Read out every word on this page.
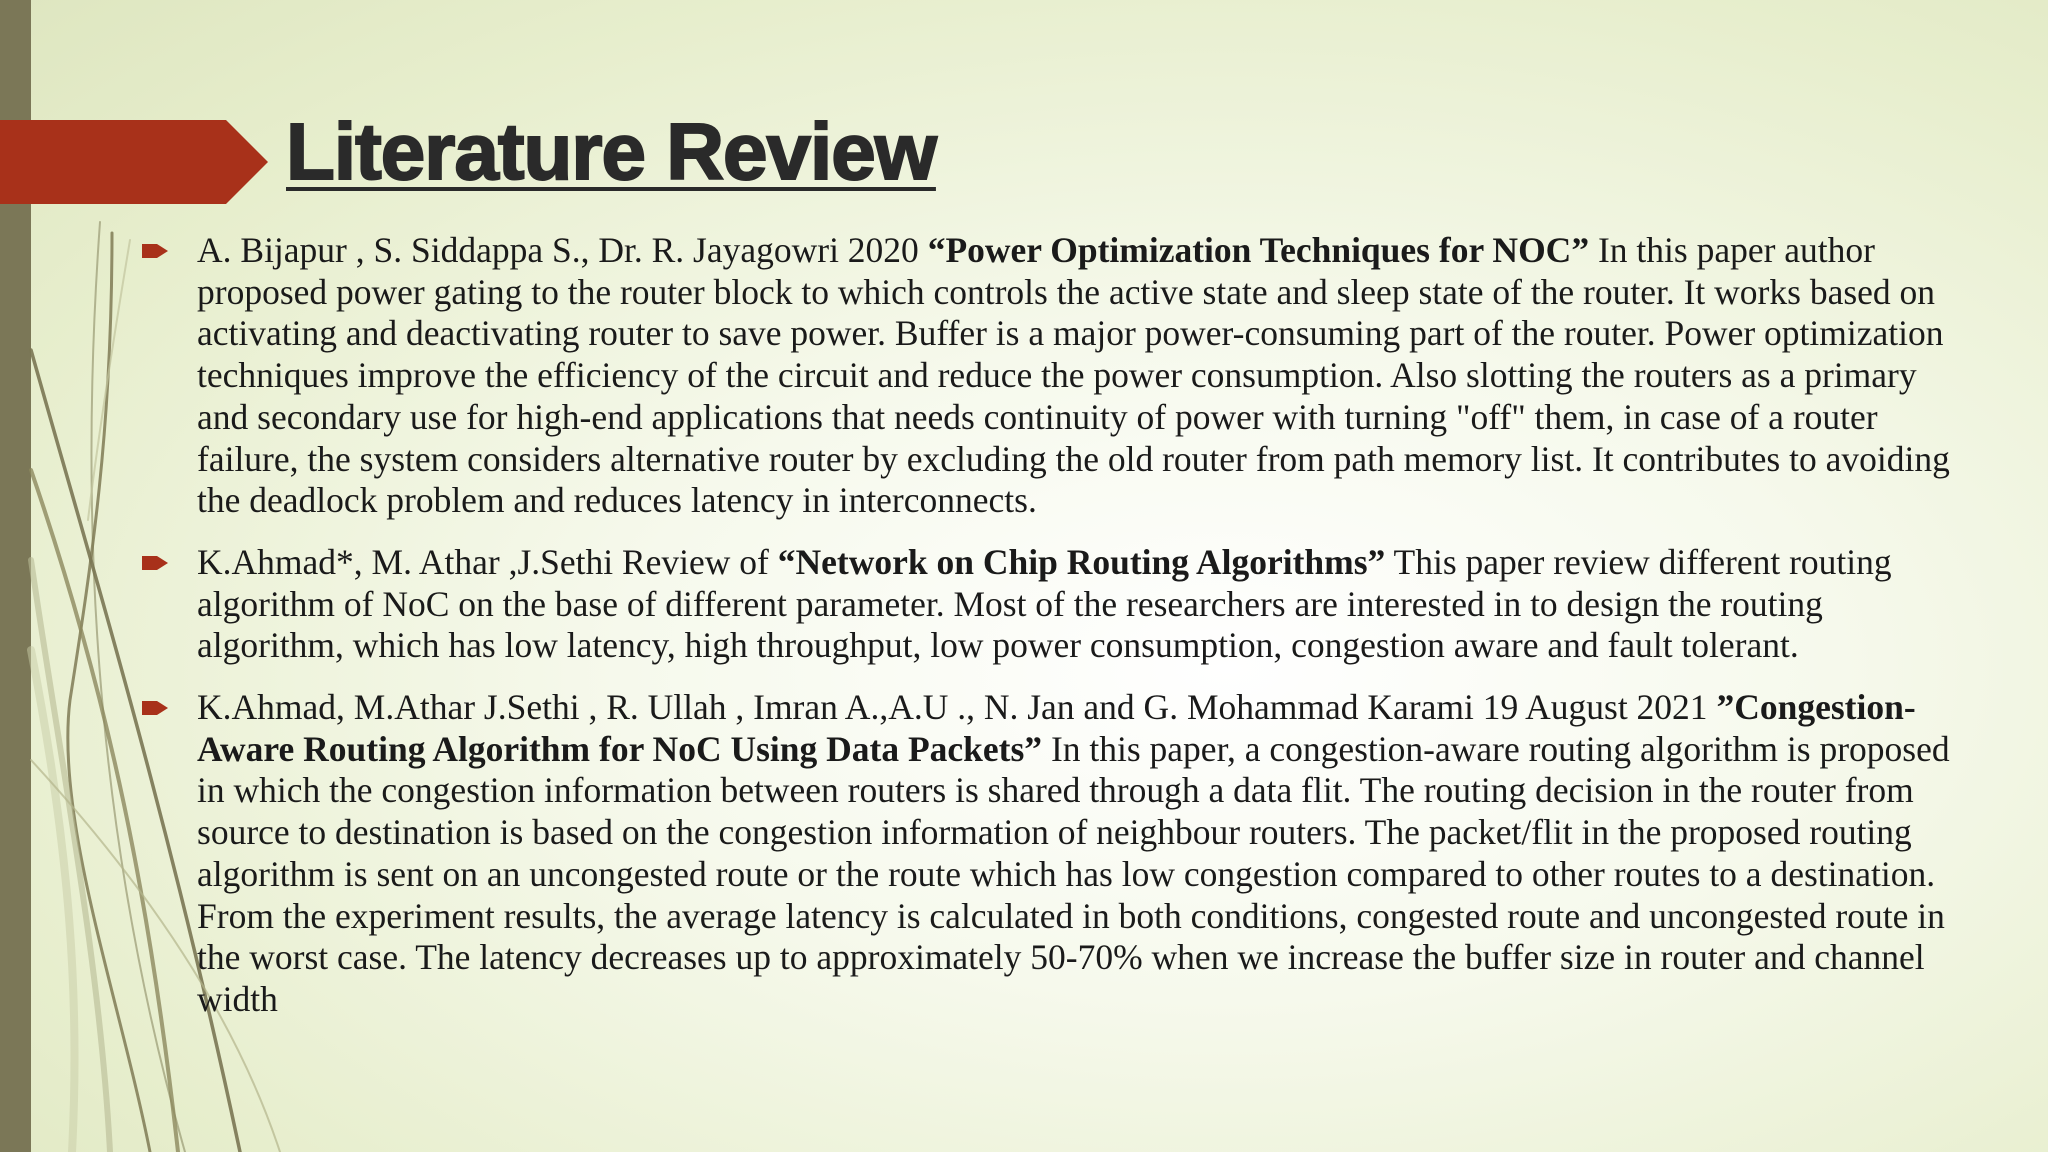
Literature Review
A. Bijapur , S. Siddappa S., Dr. R. Jayagowri 2020 “Power Optimization Techniques for NOC” In this paper author proposed power gating to the router block to which controls the active state and sleep state of the router. It works based on activating and deactivating router to save power. Buffer is a major power-consuming part of the router. Power optimization techniques improve the efficiency of the circuit and reduce the power consumption. Also slotting the routers as a primary and secondary use for high-end applications that needs continuity of power with turning "off" them, in case of a router failure, the system considers alternative router by excluding the old router from path memory list. It contributes to avoiding the deadlock problem and reduces latency in interconnects.
K.Ahmad*, M. Athar ,J.Sethi Review of “Network on Chip Routing Algorithms” This paper review different routing algorithm of NoC on the base of different parameter. Most of the researchers are interested in to design the routing algorithm, which has low latency, high throughput, low power consumption, congestion aware and fault tolerant.
K.Ahmad, M.Athar J.Sethi , R. Ullah , Imran A.,A.U ., N. Jan and G. Mohammad Karami 19 August 2021 ”Congestion-Aware Routing Algorithm for NoC Using Data Packets” In this paper, a congestion-aware routing algorithm is proposed in which the congestion information between routers is shared through a data flit. The routing decision in the router from source to destination is based on the congestion information of neighbour routers. The packet/flit in the proposed routing algorithm is sent on an uncongested route or the route which has low congestion compared to other routes to a destination. From the experiment results, the average latency is calculated in both conditions, congested route and uncongested route in the worst case. The latency decreases up to approximately 50-70% when we increase the buffer size in router and channel width
